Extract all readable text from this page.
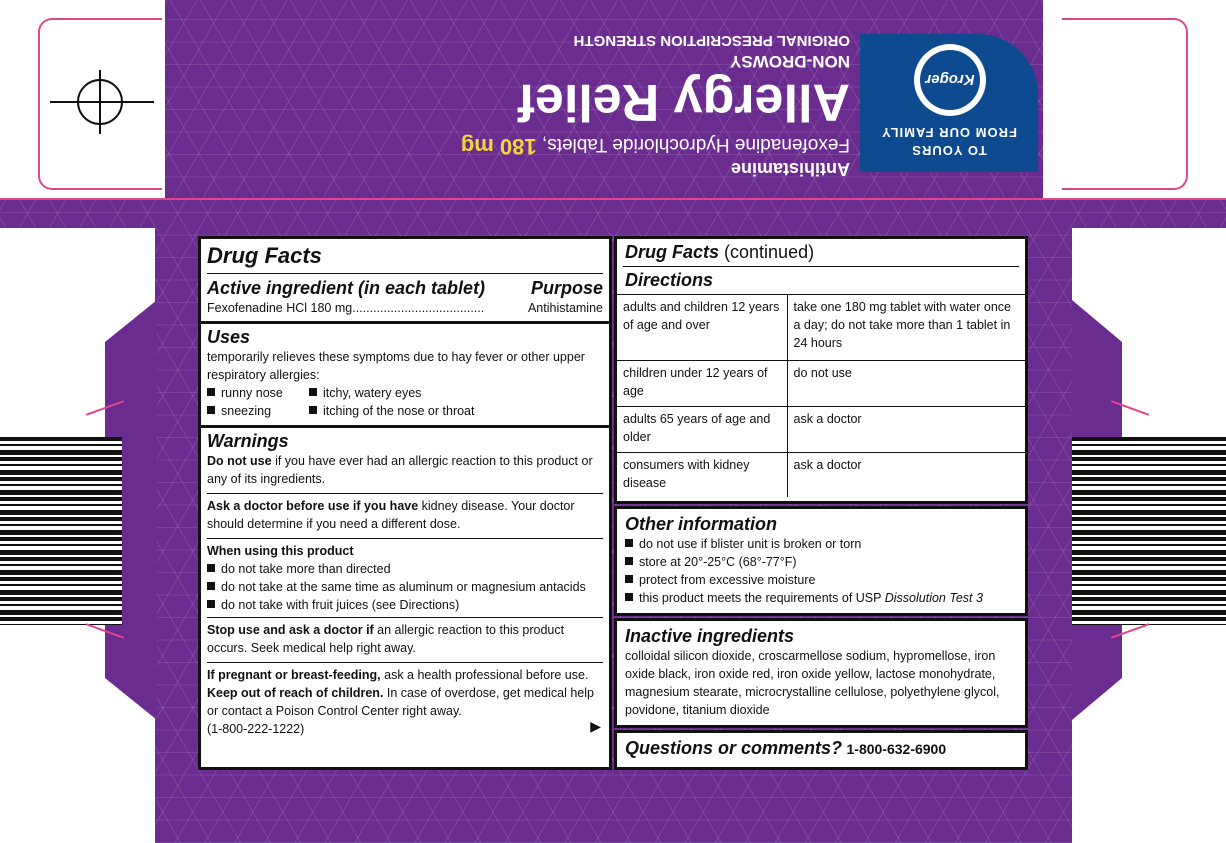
Antihistamine
Fexofenadine Hydrochloride Tablets, 180 mg
Allergy Relief
NON-DROWSY
ORIGINAL PRESCRIPTION STRENGTH
TO YOURS
FROM OUR FAMILY
Kroger
Drug Facts
Active ingredient (in each tablet)	Purpose
Fexofenadine HCl 180 mg ......................................	Antihistamine
Uses
temporarily relieves these symptoms due to hay fever or other upper respiratory allergies:
runny nose	itchy, watery eyes
sneezing	itching of the nose or throat
Warnings
Do not use if you have ever had an allergic reaction to this product or any of its ingredients.
Ask a doctor before use if you have kidney disease. Your doctor should determine if you need a different dose.
When using this product
do not take more than directed
do not take at the same time as aluminum or magnesium antacids
do not take with fruit juices (see Directions)
Stop use and ask a doctor if an allergic reaction to this product occurs. Seek medical help right away.
If pregnant or breast-feeding, ask a health professional before use.
Keep out of reach of children. In case of overdose, get medical help or contact a Poison Control Center right away.
(1-800-222-1222)	▶
Drug Facts (continued)
Directions
adults and children 12 years of age and over	take one 180 mg tablet with water once a day; do not take more than 1 tablet in 24 hours
children under 12 years of age	do not use
adults 65 years of age and older	ask a doctor
consumers with kidney disease	ask a doctor
Other information
do not use if blister unit is broken or torn
store at 20°-25°C (68°-77°F)
protect from excessive moisture
this product meets the requirements of USP Dissolution Test 3
Inactive ingredients
colloidal silicon dioxide, croscarmellose sodium, hypromellose, iron oxide black, iron oxide red, iron oxide yellow, lactose monohydrate, magnesium stearate, microcrystalline cellulose, polyethylene glycol, povidone, titanium dioxide
Questions or comments? 1-800-632-6900
